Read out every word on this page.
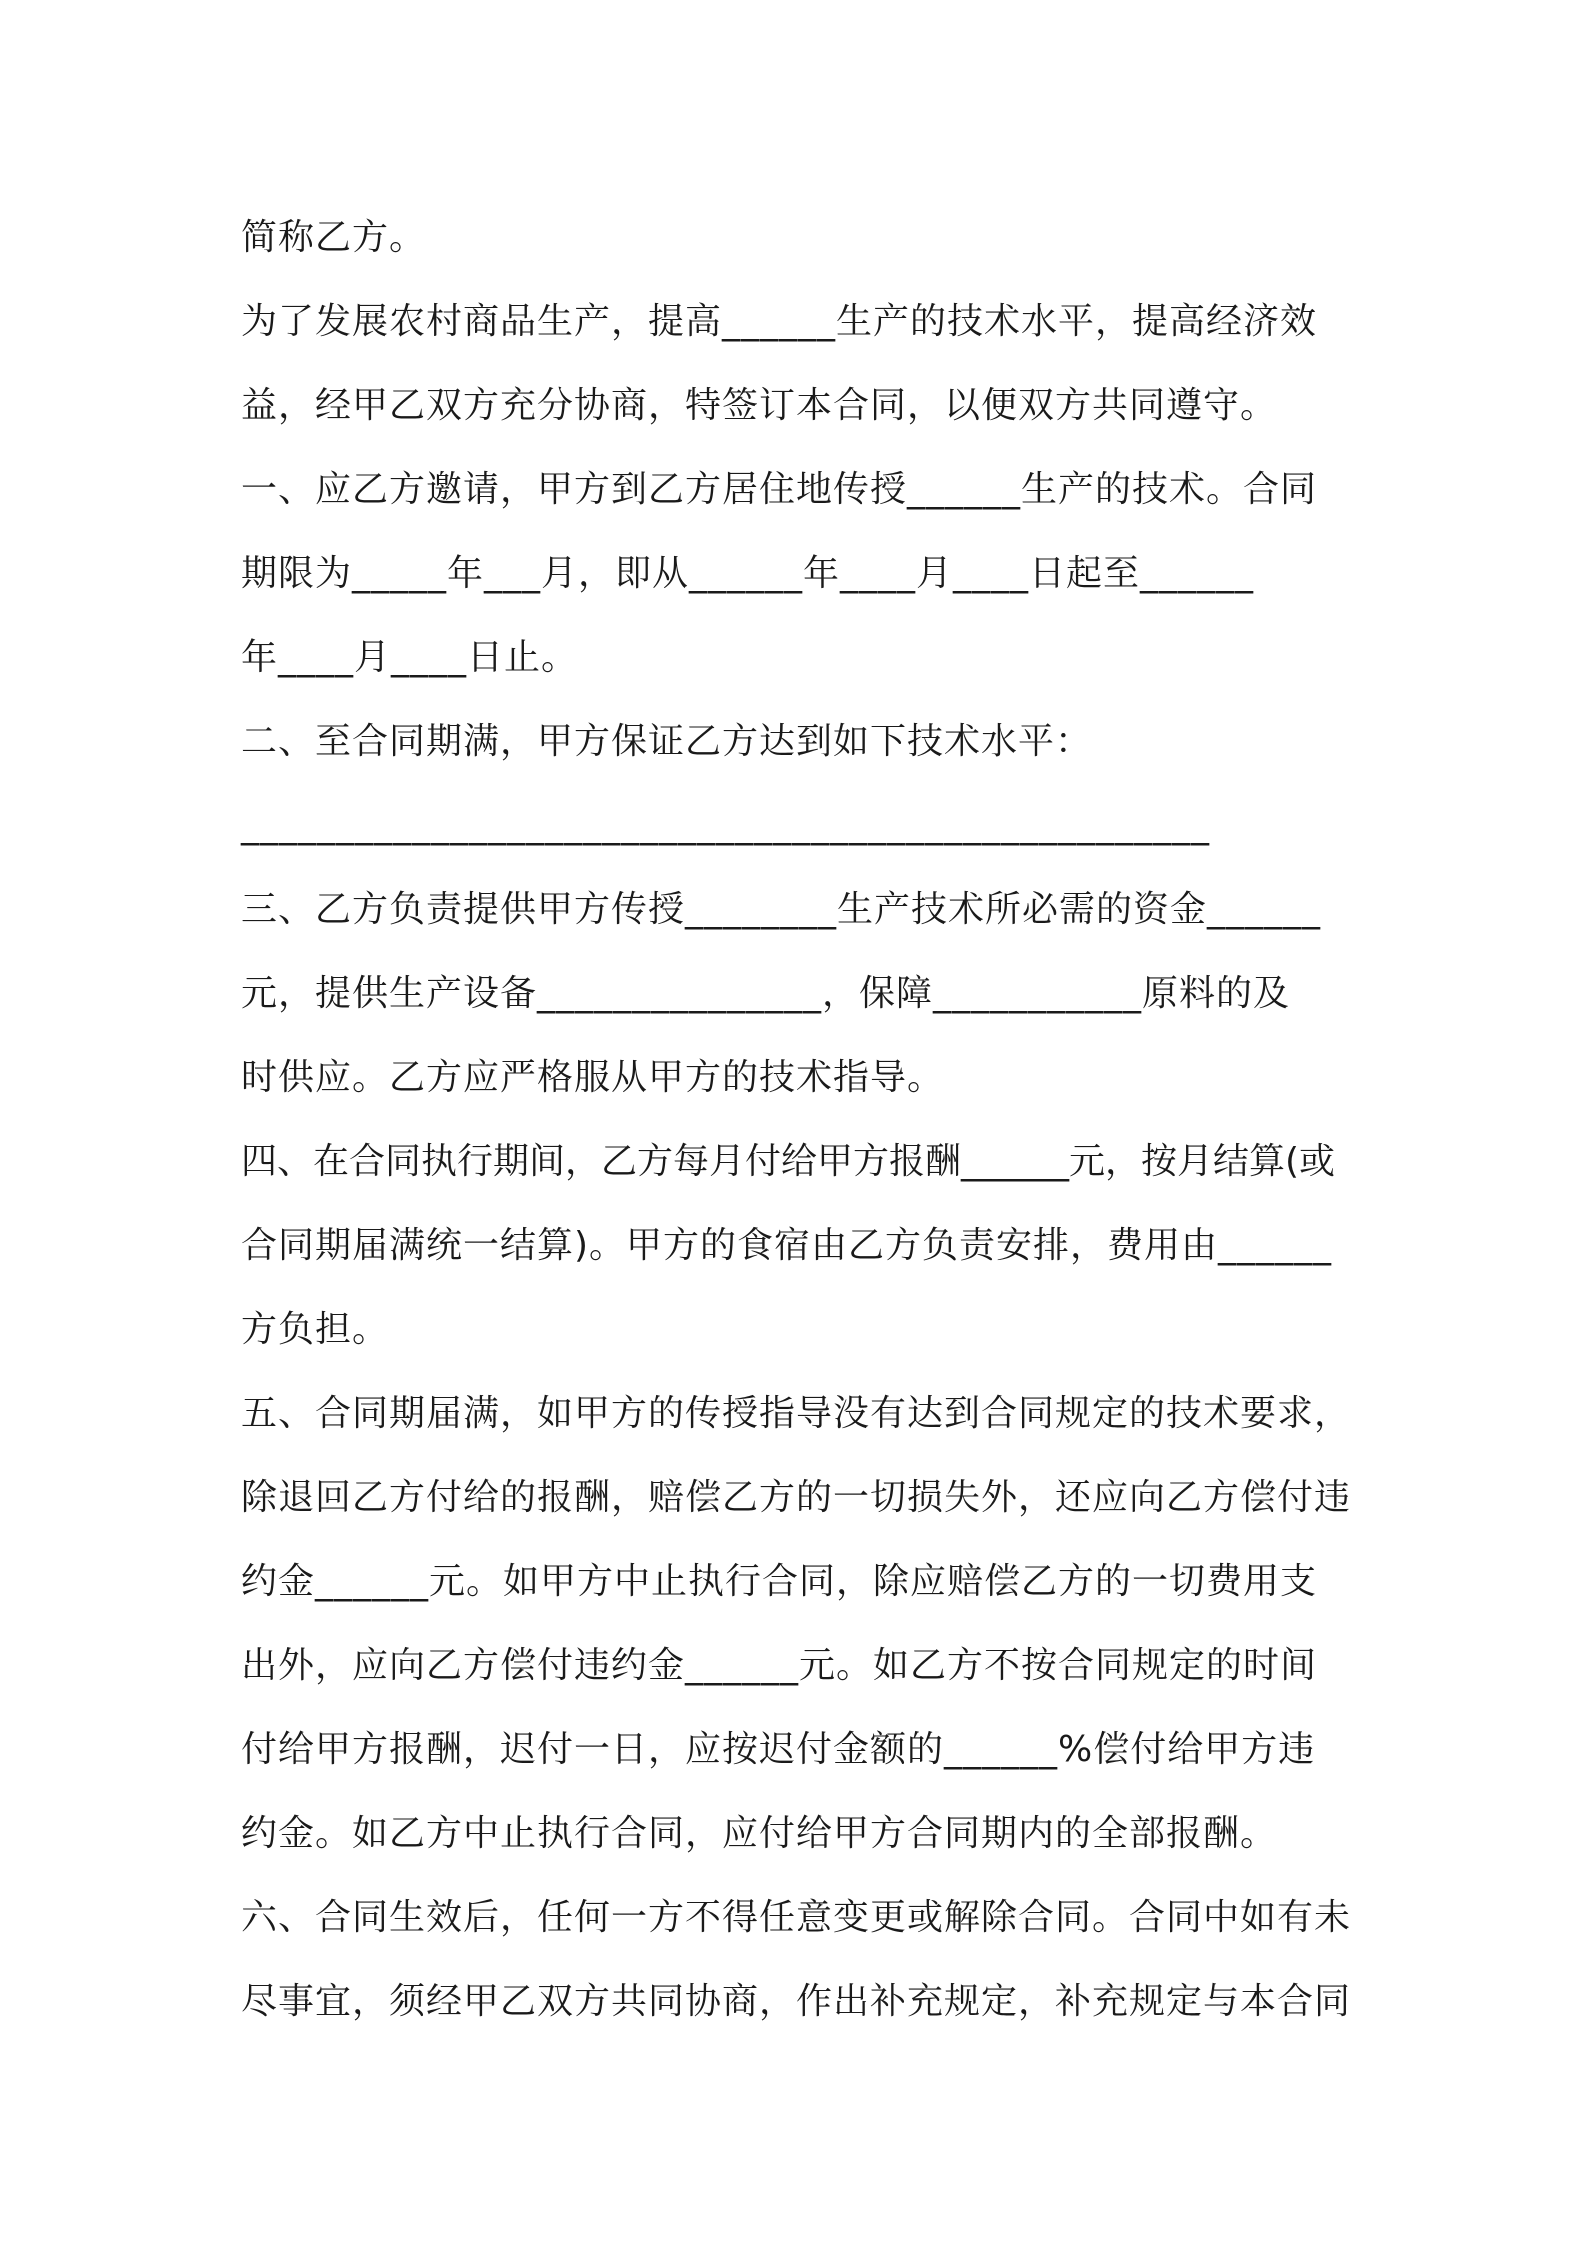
简称乙方。
为了发展农村商品生产，提高______生产的技术水平，提高经济效
益，经甲乙双方充分协商，特签订本合同，以便双方共同遵守。
一、应乙方邀请，甲方到乙方居住地传授______生产的技术。合同
期限为_____年___月，即从______年____月____日起至______
年____月____日止。
二、至合同期满，甲方保证乙方达到如下技术水平：
___________________________________________________
三、乙方负责提供甲方传授________生产技术所必需的资金______
元，提供生产设备_______________，保障___________原料的及
时供应。乙方应严格服从甲方的技术指导。
四、在合同执行期间，乙方每月付给甲方报酬______元，按月结算(或
合同期届满统一结算)。甲方的食宿由乙方负责安排，费用由______
方负担。
五、合同期届满，如甲方的传授指导没有达到合同规定的技术要求，
除退回乙方付给的报酬，赔偿乙方的一切损失外，还应向乙方偿付违
约金______元。如甲方中止执行合同，除应赔偿乙方的一切费用支
出外，应向乙方偿付违约金______元。如乙方不按合同规定的时间
付给甲方报酬，迟付一日，应按迟付金额的______%偿付给甲方违
约金。如乙方中止执行合同，应付给甲方合同期内的全部报酬。
六、合同生效后，任何一方不得任意变更或解除合同。合同中如有未
尽事宜，须经甲乙双方共同协商，作出补充规定，补充规定与本合同
